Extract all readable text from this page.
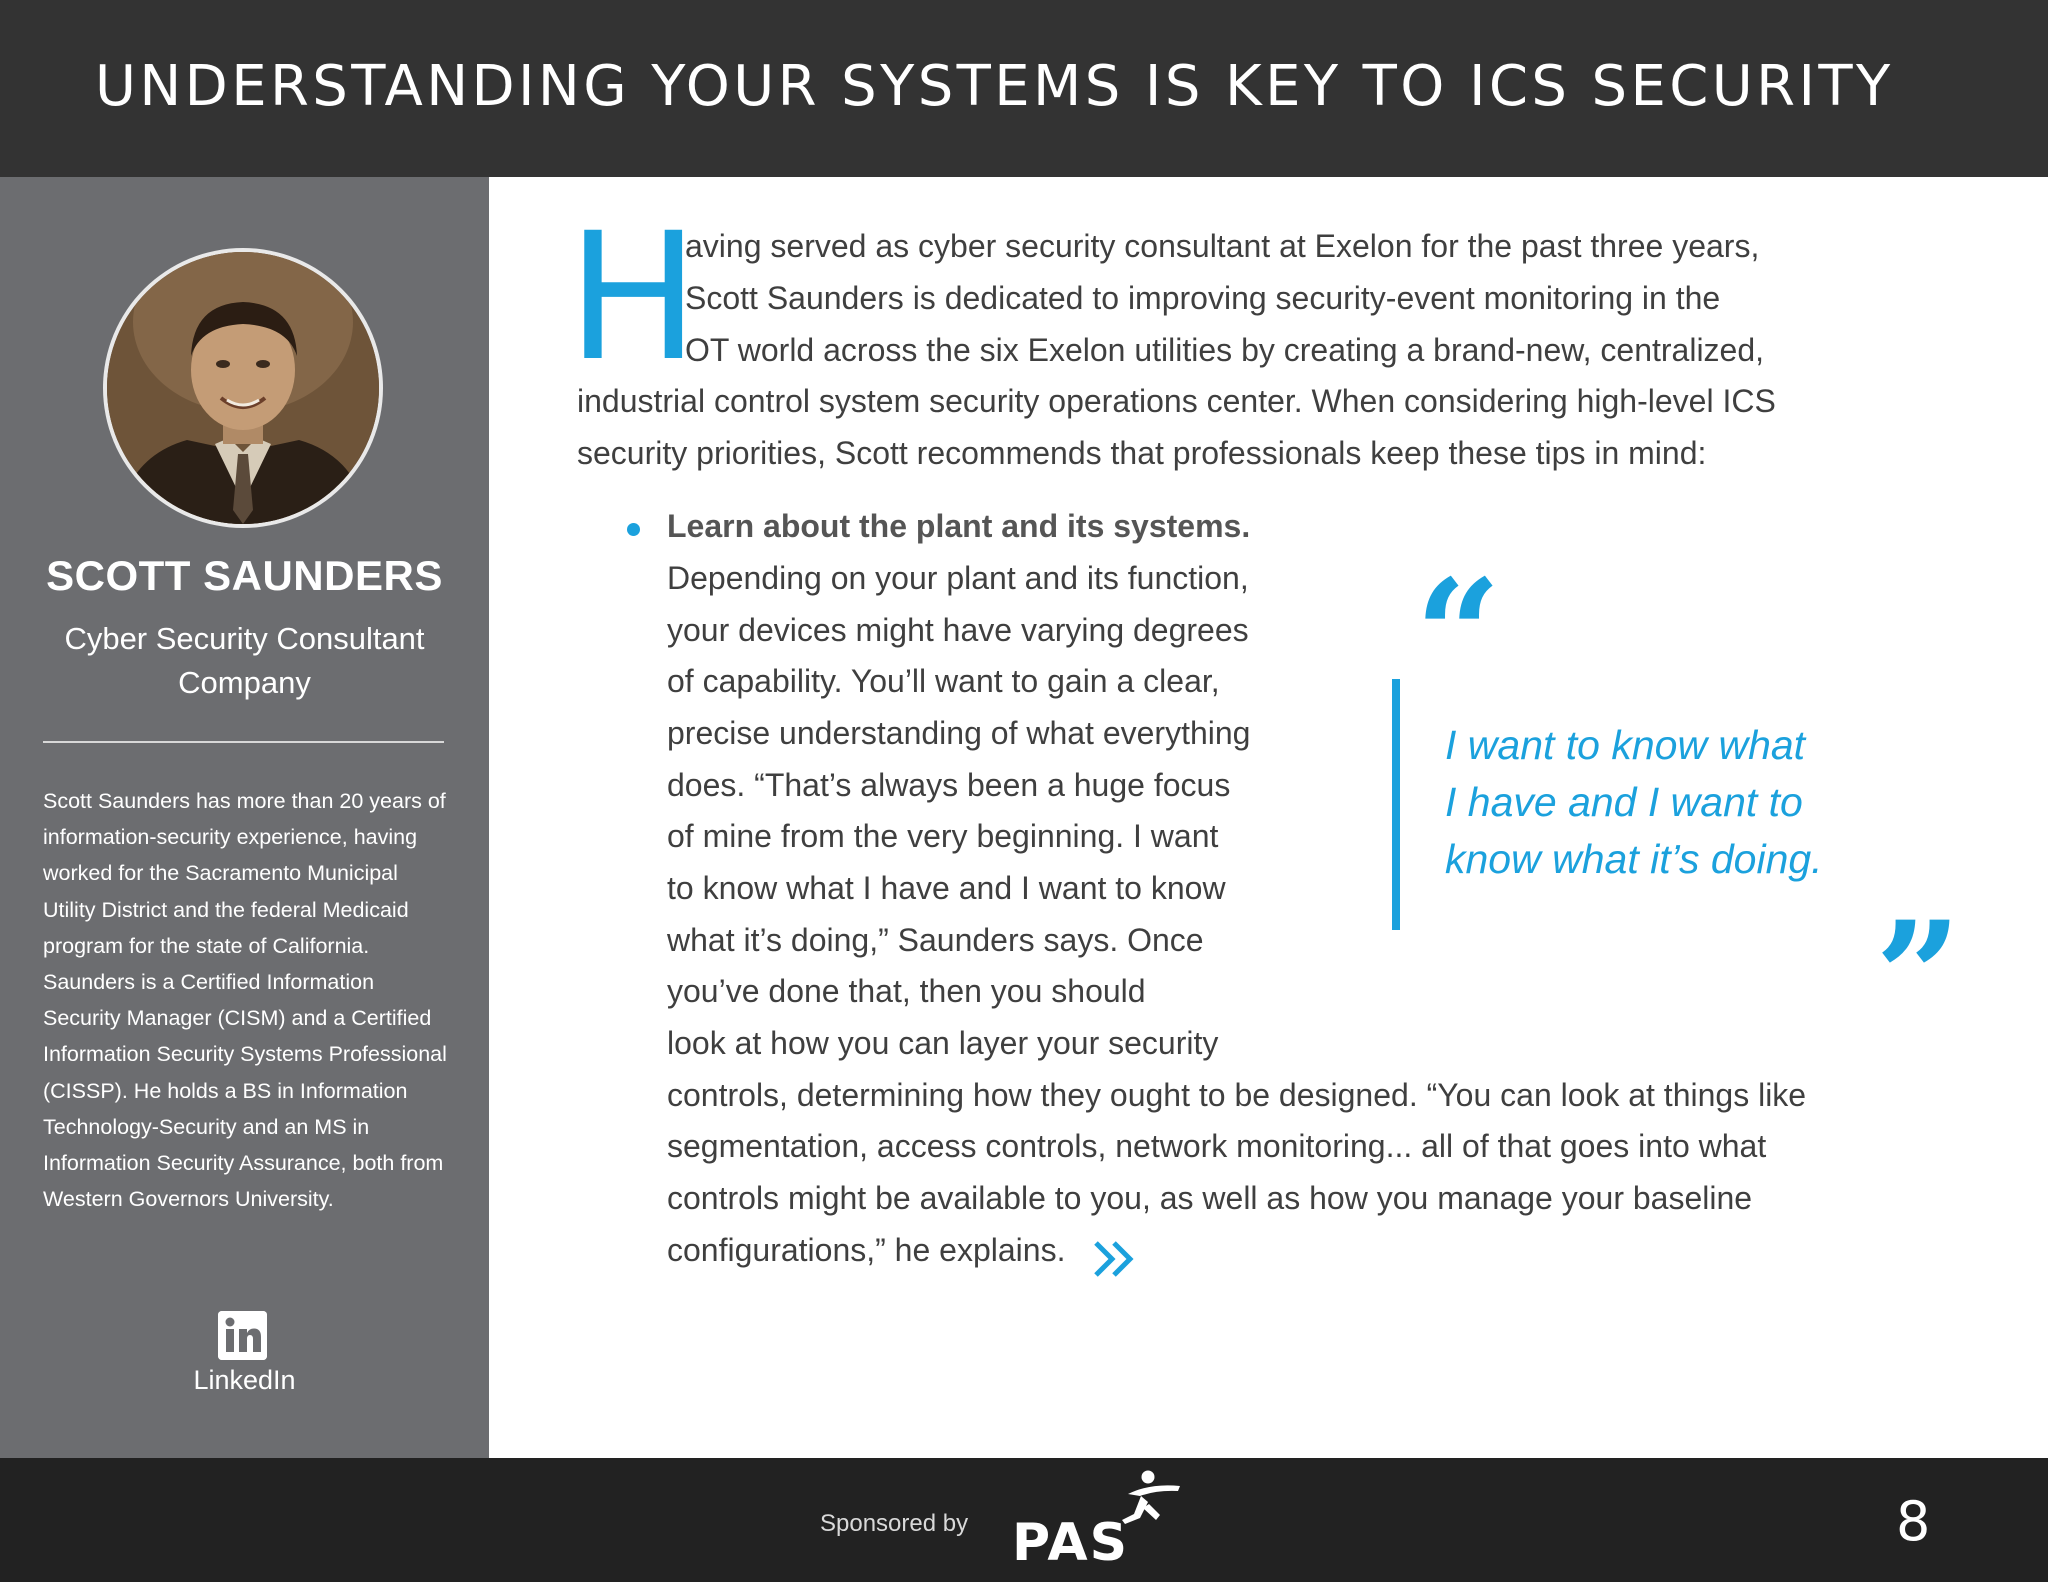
UNDERSTANDING YOUR SYSTEMS IS KEY TO ICS SECURITY
SCOTT SAUNDERS
Cyber Security Consultant
Company
Scott Saunders has more than 20 years of information-security experience, having worked for the Sacramento Municipal Utility District and the federal Medicaid program for the state of California. Saunders is a Certified Information Security Manager (CISM) and a Certified Information Security Systems Professional (CISSP). He holds a BS in Information Technology-Security and an MS in Information Security Assurance, both from Western Governors University.
LinkedIn
H
aving served as cyber security consultant at Exelon for the past three years,
Scott Saunders is dedicated to improving security-event monitoring in the
OT world across the six Exelon utilities by creating a brand-new, centralized,
industrial control system security operations center. When considering high-level ICS
security priorities, Scott recommends that professionals keep these tips in mind:
Learn about the plant and its systems.
Depending on your plant and its function,
your devices might have varying degrees
of capability. You’ll want to gain a clear,
precise understanding of what everything
does. “That’s always been a huge focus
of mine from the very beginning. I want
to know what I have and I want to know
what it’s doing,” Saunders says. Once
you’ve done that, then you should
look at how you can layer your security
controls, determining how they ought to be designed. “You can look at things like
segmentation, access controls, network monitoring... all of that goes into what
controls might be available to you, as well as how you manage your baseline
configurations,” he explains.
“
I want to know what
I have and I want to
know what it’s doing.
”
Sponsored by PAS	8
